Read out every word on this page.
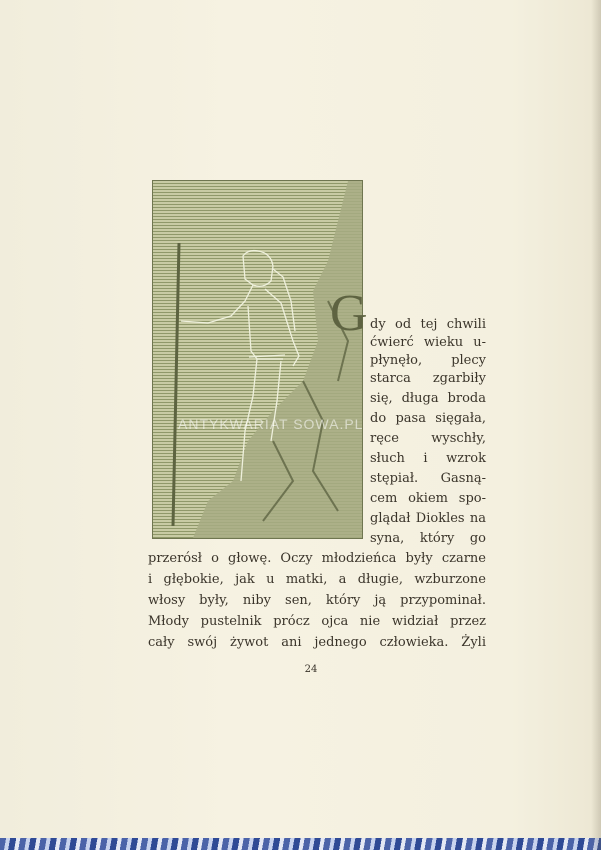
ANTYKWARIAT SOWA.PL
G dy od tej chwili

ćwierć wieku u-

płynęło, plecy

starca zgarbiły

się, długa broda

do pasa sięgała,

ręce wyschły,

słuch i wzrok

stępiał. Gasną-

cem okiem spo-

glądał Diokles na

syna, który go

przerósł o głowę. Oczy młodzieńca były czarne

i głębokie, jak u matki, a długie, wzburzone

włosy były, niby sen, który ją przypominał.

Młody pustelnik prócz ojca nie widział przez

cały swój żywot ani jednego człowieka. Żyli

24
